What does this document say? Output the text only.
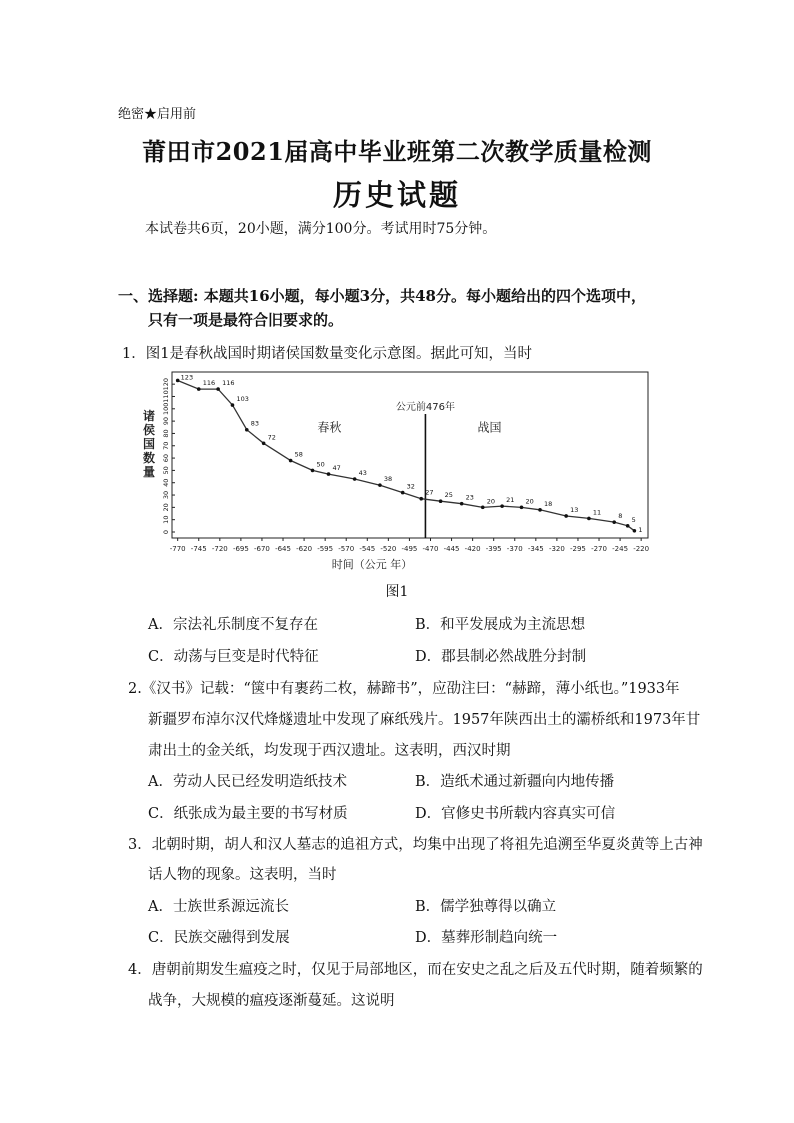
绝密★启用前
莆田市2021届高中毕业班第二次教学质量检测
历史试题
本试卷共6页，20小题，满分100分。考试用时75分钟。
一、选择题: 本题共16小题，每小题3分，共48分。每小题给出的四个选项中，
只有一项是最符合旧要求的。
1．图1是春秋战国时期诸侯国数量变化示意图。据此可知，当时
0
10
20
30
40
50
60
70
80
90
100
110
120
-770 -745 -720 -695 -670 -645 -620 -595 -570 -545 -520 -495 -470 -445 -420 -395 -370 -345 -320 -295 -270 -245 -220
时间（公元 年）
诸
侯
国
数
量
公元前476年
春秋	战国
123
116 116
103
83
72
58
50 47
43
38
32
27 25 23 20 21 20 18
13 11	8 5
1
图1
A．宗法礼乐制度不复存在	B．和平发展成为主流思想
C．动荡与巨变是时代特征	D．郡县制必然战胜分封制
2.《汉书》记载：“箧中有裹药二枚，赫蹄书”，应劭注曰：“赫蹄，薄小纸也。”1933年
新疆罗布淖尔汉代烽燧遗址中发现了麻纸残片。1957年陕西出土的灞桥纸和1973年甘
肃出土的金关纸，均发现于西汉遗址。这表明，西汉时期
A．劳动人民已经发明造纸技术	B．造纸术通过新疆向内地传播
C．纸张成为最主要的书写材质	D．官修史书所载内容真实可信
3．北朝时期，胡人和汉人墓志的追祖方式，均集中出现了将祖先追溯至华夏炎黄等上古神
话人物的现象。这表明，当时
A．士族世系源远流长	B．儒学独尊得以确立
C．民族交融得到发展	D．墓葬形制趋向统一
4．唐朝前期发生瘟疫之时，仅见于局部地区，而在安史之乱之后及五代时期，随着频繁的
战争，大规模的瘟疫逐渐蔓延。这说明
